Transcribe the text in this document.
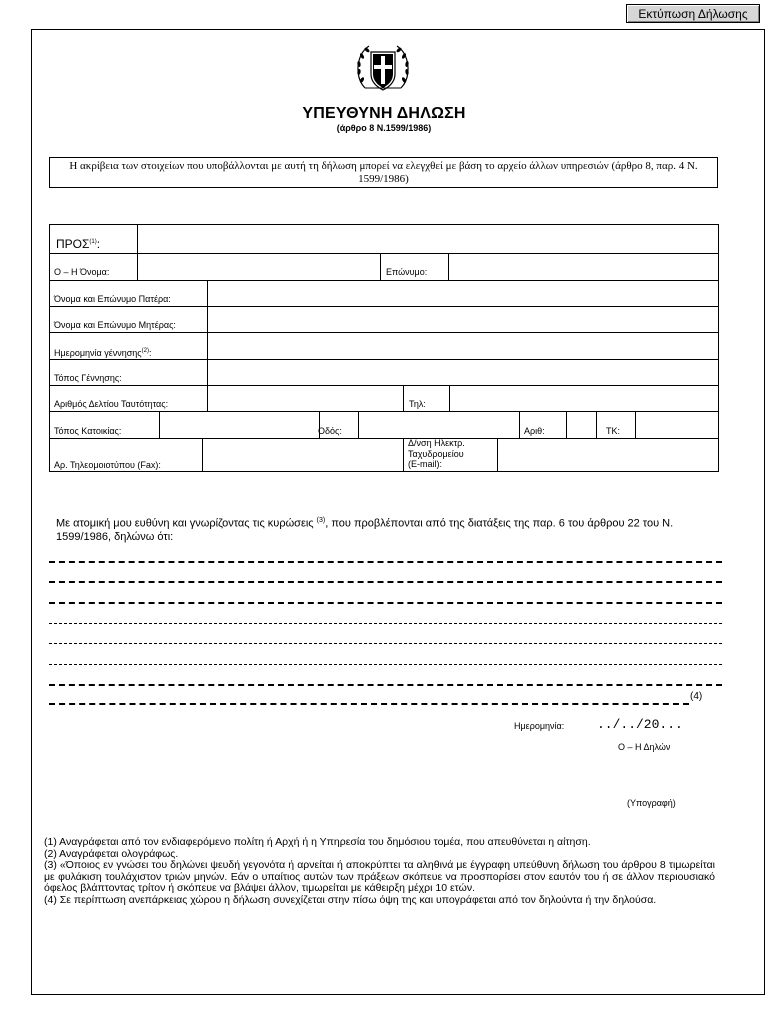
Εκτύπωση Δήλωσης
ΥΠΕΥΘΥΝΗ ΔΗΛΩΣΗ
(άρθρο 8 Ν.1599/1986)
Η ακρίβεια των στοιχείων που υποβάλλονται με αυτή τη δήλωση μπορεί να ελεγχθεί με βάση το αρχείο άλλων υπηρεσιών (άρθρο 8, παρ. 4 Ν. 1599/1986)
ΠΡΟΣ$^{(1)}$:
Ο – Η Όνομα:	Επώνυμο:
Όνομα και Επώνυμο Πατέρα:
Όνομα και Επώνυμο Μητέρας:
Ημερομηνία γέννησης$^{(2)}$:
Τόπος Γέννησης:
Αριθμός Δελτίου Ταυτότητας:	Τηλ:
Τόπος Κατοικίας:	Οδός:	Αριθ:	ΤΚ:
Αρ. Τηλεομοιοτύπου (Fax):
Δ/νση Ηλεκτρ.
Ταχυδρομείου
(E-mail):
Με ατομική μου ευθύνη και γνωρίζοντας τις κυρώσεις $^{(3)}$, που προβλέπονται από της διατάξεις της παρ. 6 του άρθρου 22 του Ν. 1599/1986, δηλώνω ότι:
(4)
Ημερομηνία:	../../20...
Ο – Η Δηλών
(Υπογραφή)

(1) Αναγράφεται από τον ενδιαφερόμενο πολίτη ή Αρχή ή η Υπηρεσία του δημόσιου τομέα, που απευθύνεται η αίτηση.

(2) Αναγράφεται ολογράφως.

(3) «Όποιος εν γνώσει του δηλώνει ψευδή γεγονότα ή αρνείται ή αποκρύπτει τα αληθινά με έγγραφη υπεύθυνη δήλωση του άρθρου 8 τιμωρείται με φυλάκιση τουλάχιστον τριών μηνών. Εάν ο υπαίτιος αυτών των πράξεων σκόπευε να προσπορίσει στον εαυτόν του ή σε άλλον περιουσιακό όφελος βλάπτοντας τρίτον ή σκόπευε να βλάψει άλλον, τιμωρείται με κάθειρξη μέχρι 10 ετών.

(4) Σε περίπτωση ανεπάρκειας χώρου η δήλωση συνεχίζεται στην πίσω όψη της και υπογράφεται από τον δηλούντα ή την δηλούσα.
